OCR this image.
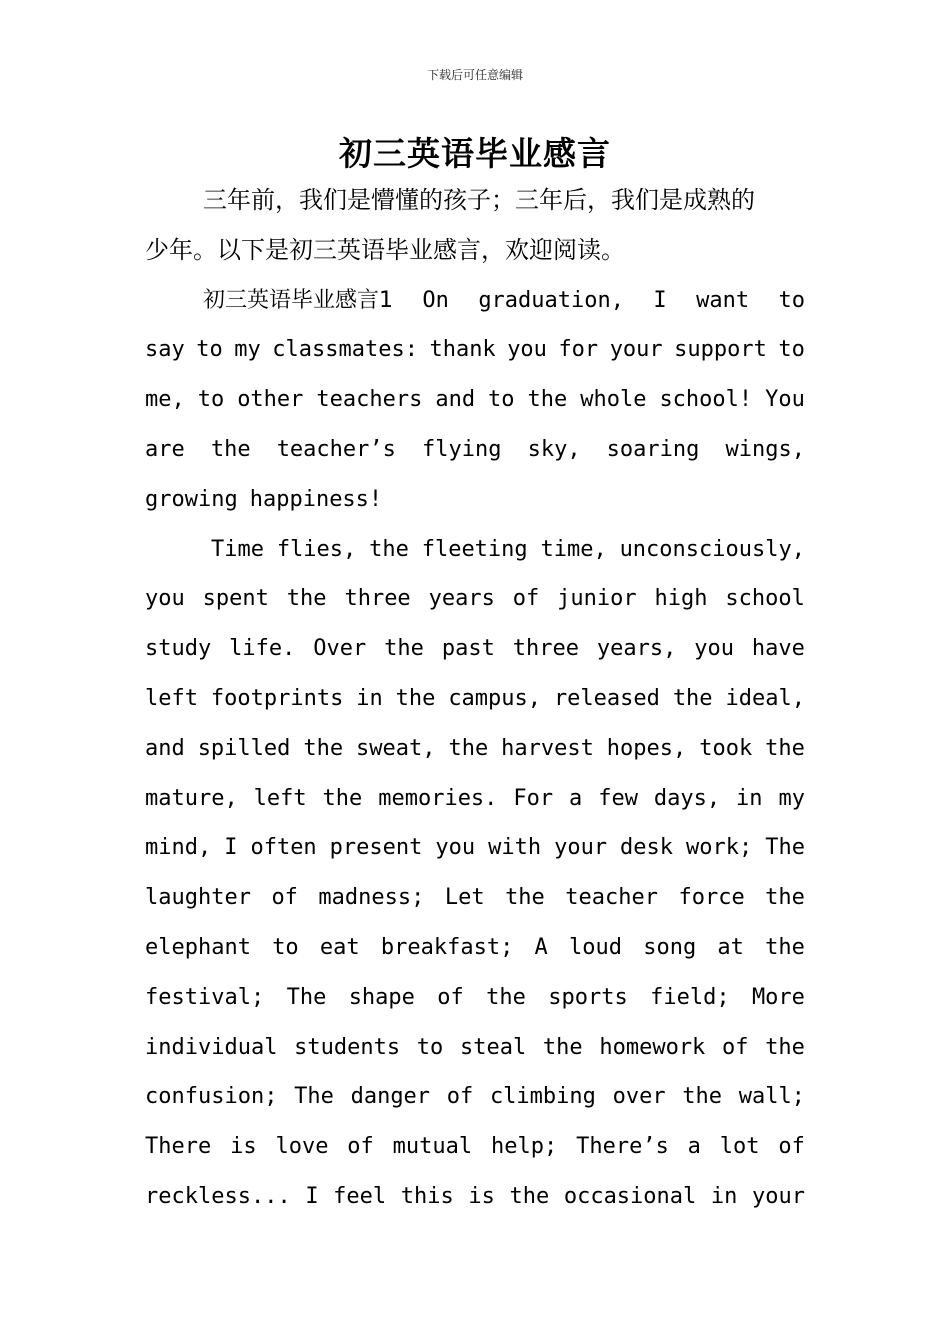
下载后可任意编辑
初三英语毕业感言
三年前，我们是懵懂的孩子；三年后，我们是成熟的
少年。以下是初三英语毕业感言，欢迎阅读。
初三英语毕业感言1 On graduation, I want to
say to my classmates: thank you for your support to
me, to other teachers and to the whole school! You
are the teacher’s flying sky, soaring wings,
growing happiness!
Time flies, the fleeting time, unconsciously,
you spent the three years of junior high school
study life. Over the past three years, you have
left footprints in the campus, released the ideal,
and spilled the sweat, the harvest hopes, took the
mature, left the memories. For a few days, in my
mind, I often present you with your desk work; The
laughter of madness; Let the teacher force the
elephant to eat breakfast; A loud song at the
festival; The shape of the sports field; More
individual students to steal the homework of the
confusion; The danger of climbing over the wall;
There is love of mutual help; There’s a lot of
reckless... I feel this is the occasional in your
